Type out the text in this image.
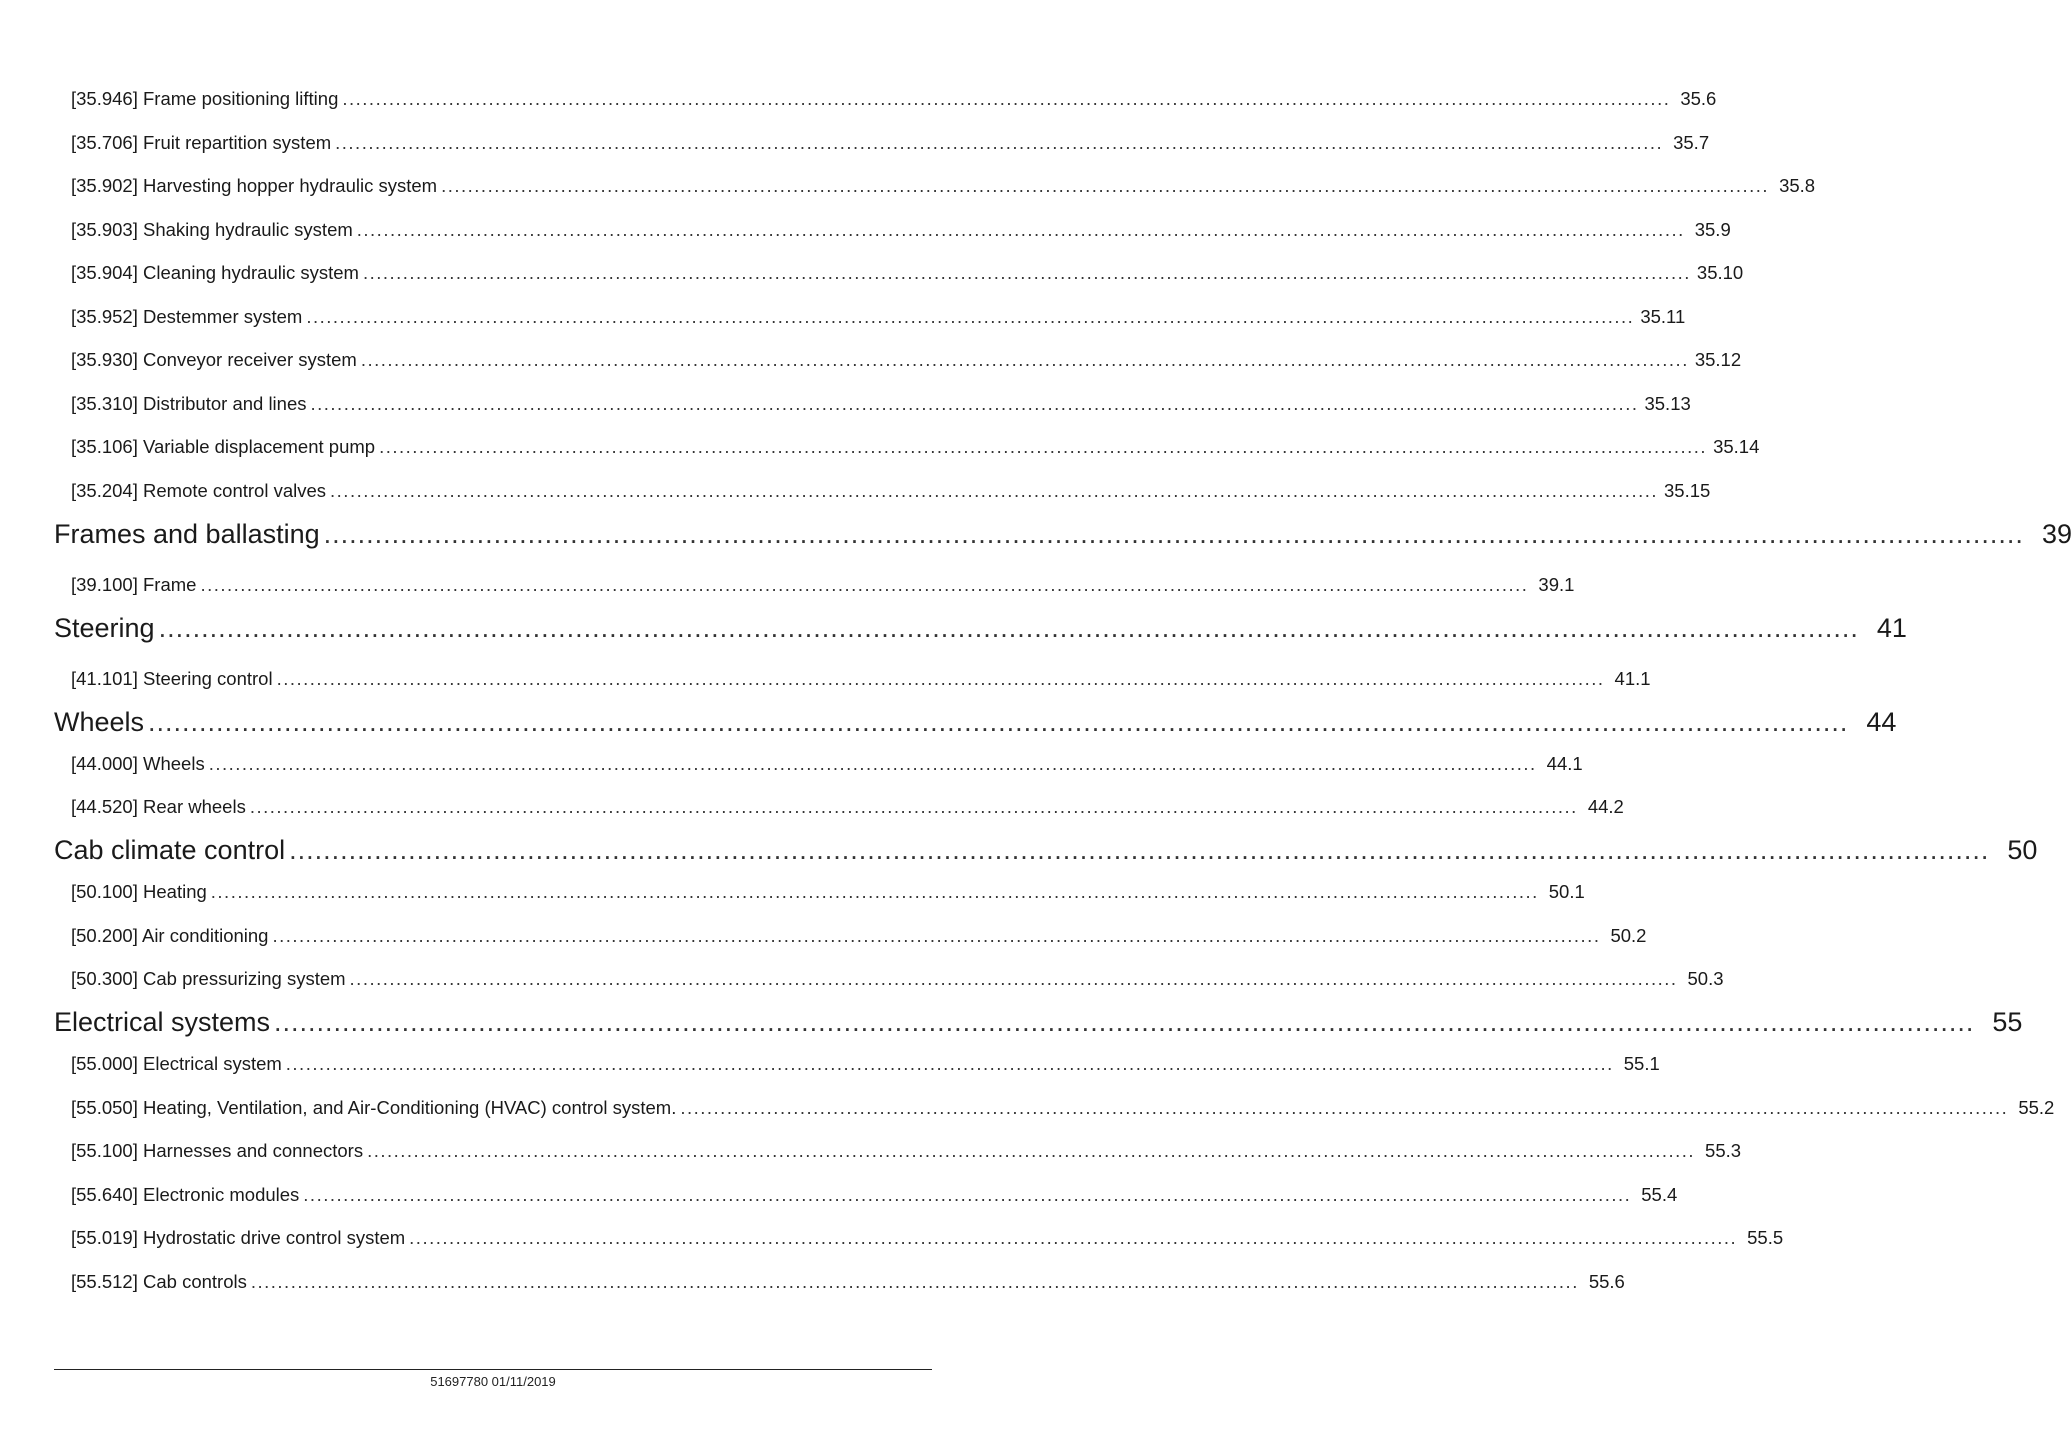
[35.946] Frame positioning lifting ........................................................................................................................................................................................................ 35.6
[35.706] Fruit repartition system ........................................................................................................................................................................................................ 35.7
[35.902] Harvesting hopper hydraulic system ........................................................................................................................................................................................................ 35.8
[35.903] Shaking hydraulic system ........................................................................................................................................................................................................ 35.9
[35.904] Cleaning hydraulic system ........................................................................................................................................................................................................ 35.10
[35.952] Destemmer system ........................................................................................................................................................................................................ 35.11
[35.930] Conveyor receiver system ........................................................................................................................................................................................................ 35.12
[35.310] Distributor and lines ........................................................................................................................................................................................................ 35.13
[35.106] Variable displacement pump ........................................................................................................................................................................................................ 35.14
[35.204] Remote control valves ........................................................................................................................................................................................................ 35.15
Frames and ballasting ........................................................................................................................................................................................................ 39
[39.100] Frame ........................................................................................................................................................................................................ 39.1
Steering ........................................................................................................................................................................................................ 41
[41.101] Steering control ........................................................................................................................................................................................................ 41.1
Wheels ........................................................................................................................................................................................................ 44
[44.000] Wheels ........................................................................................................................................................................................................ 44.1
[44.520] Rear wheels ........................................................................................................................................................................................................ 44.2
Cab climate control ........................................................................................................................................................................................................ 50
[50.100] Heating ........................................................................................................................................................................................................ 50.1
[50.200] Air conditioning ........................................................................................................................................................................................................ 50.2
[50.300] Cab pressurizing system ........................................................................................................................................................................................................ 50.3
Electrical systems ........................................................................................................................................................................................................ 55
[55.000] Electrical system ........................................................................................................................................................................................................ 55.1
[55.050] Heating, Ventilation, and Air-Conditioning (HVAC) control system. ........................................................................................................................................................................................................ 55.2
[55.100] Harnesses and connectors ........................................................................................................................................................................................................ 55.3
[55.640] Electronic modules ........................................................................................................................................................................................................ 55.4
[55.019] Hydrostatic drive control system ........................................................................................................................................................................................................ 55.5
[55.512] Cab controls ........................................................................................................................................................................................................ 55.6
51697780 01/11/2019
